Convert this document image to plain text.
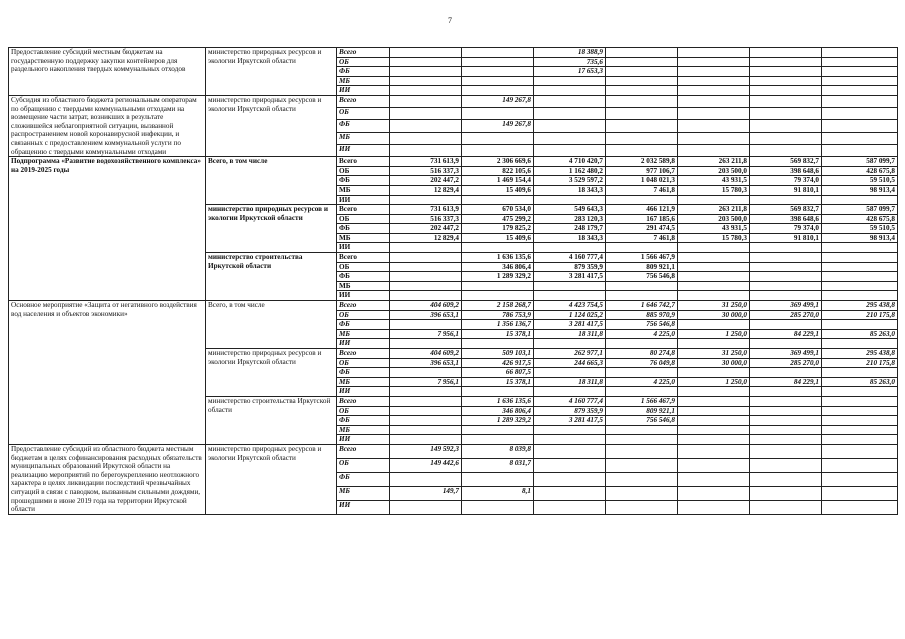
7
Предоставление субсидий местным бюджетам на государственную поддержку закупки контейнеров для раздельного накопления твердых коммунальных отходов	министерство природных ресурсов и экологии Иркутской области	Всего			18 388,9				
		ОБ			735,6				
		ФБ			17 653,3				
		МБ							
		ИИ							
Субсидия из областного бюджета региональным операторам по обращению с твердыми коммунальными отходами на возмещение части затрат, возникших в результате сложившейся неблагоприятной ситуации, вызванной распространением новой коронавирусной инфекции, и связанных с предоставлением коммунальной услуги по обращению с твердыми коммунальными отходами	министерство природных ресурсов и экологии Иркутской области	Всего		149 267,8					
		ОБ							
		ФБ		149 267,8					
		МБ							
		ИИ							
Подпрограмма «Развитие водохозяйственного комплекса» на 2019-2025 годы	Всего, в том числе	Всего	731 613,9	2 306 669,6	4 710 420,7	2 032 589,8	263 211,8	569 832,7	587 099,7
		ОБ	516 337,3	822 105,6	1 162 480,2	977 106,7	203 500,0	398 648,6	428 675,8
		ФБ	202 447,2	1 469 154,4	3 529 597,2	1 048 021,3	43 931,5	79 374,0	59 510,5
		МБ	12 829,4	15 409,6	18 343,3	7 461,8	15 780,3	91 810,1	98 913,4
		ИИ							
	министерство природных ресурсов и экологии Иркутской области	Всего	731 613,9	670 534,0	549 643,3	466 121,9	263 211,8	569 832,7	587 099,7
		ОБ	516 337,3	475 299,2	283 120,3	167 185,6	203 500,0	398 648,6	428 675,8
		ФБ	202 447,2	179 825,2	248 179,7	291 474,5	43 931,5	79 374,0	59 510,5
		МБ	12 829,4	15 409,6	18 343,3	7 461,8	15 780,3	91 810,1	98 913,4
		ИИ							
	министерство строительства Иркутской области	Всего		1 636 135,6	4 160 777,4	1 566 467,9			
		ОБ		346 806,4	879 359,9	809 921,1			
		ФБ		1 289 329,2	3 281 417,5	756 546,8			
		МБ							
		ИИ							
Основное мероприятие «Защита от негативного воздействия вод населения и объектов экономики»	Всего, в том числе	Всего	404 609,2	2 158 268,7	4 423 754,5	1 646 742,7	31 250,0	369 499,1	295 438,8
		ОБ	396 653,1	786 753,9	1 124 025,2	885 970,9	30 000,0	285 270,0	210 175,8
		ФБ		1 356 136,7	3 281 417,5	756 546,8			
		МБ	7 956,1	15 378,1	18 311,8	4 225,0	1 250,0	84 229,1	85 263,0
		ИИ							
	министерство природных ресурсов и экологии Иркутской области	Всего	404 609,2	509 103,1	262 977,1	80 274,8	31 250,0	369 499,1	295 438,8
		ОБ	396 653,1	426 917,5	244 665,3	76 049,8	30 000,0	285 270,0	210 175,8
		ФБ		66 807,5					
		МБ	7 956,1	15 378,1	18 311,8	4 225,0	1 250,0	84 229,1	85 263,0
		ИИ							
	министерство строительства Иркутской области	Всего		1 636 135,6	4 160 777,4	1 566 467,9			
		ОБ		346 806,4	879 359,9	809 921,1			
		ФБ		1 289 329,2	3 281 417,5	756 546,8			
		МБ							
		ИИ							
Предоставление субсидий из областного бюджета местным бюджетам в целях софинансирования расходных обязательств муниципальных образований Иркутской области на реализацию мероприятий по берегоукреплению неотложного характера в целях ликвидации последствий чрезвычайных ситуаций в связи с паводком, вызванным сильными дождями, прошедшими в июне 2019 года на территории Иркутской области	министерство природных ресурсов и экологии Иркутской области	Всего	149 592,3	8 039,8					
		ОБ	149 442,6	8 031,7					
		ФБ							
		МБ	149,7	8,1					
		ИИ							
